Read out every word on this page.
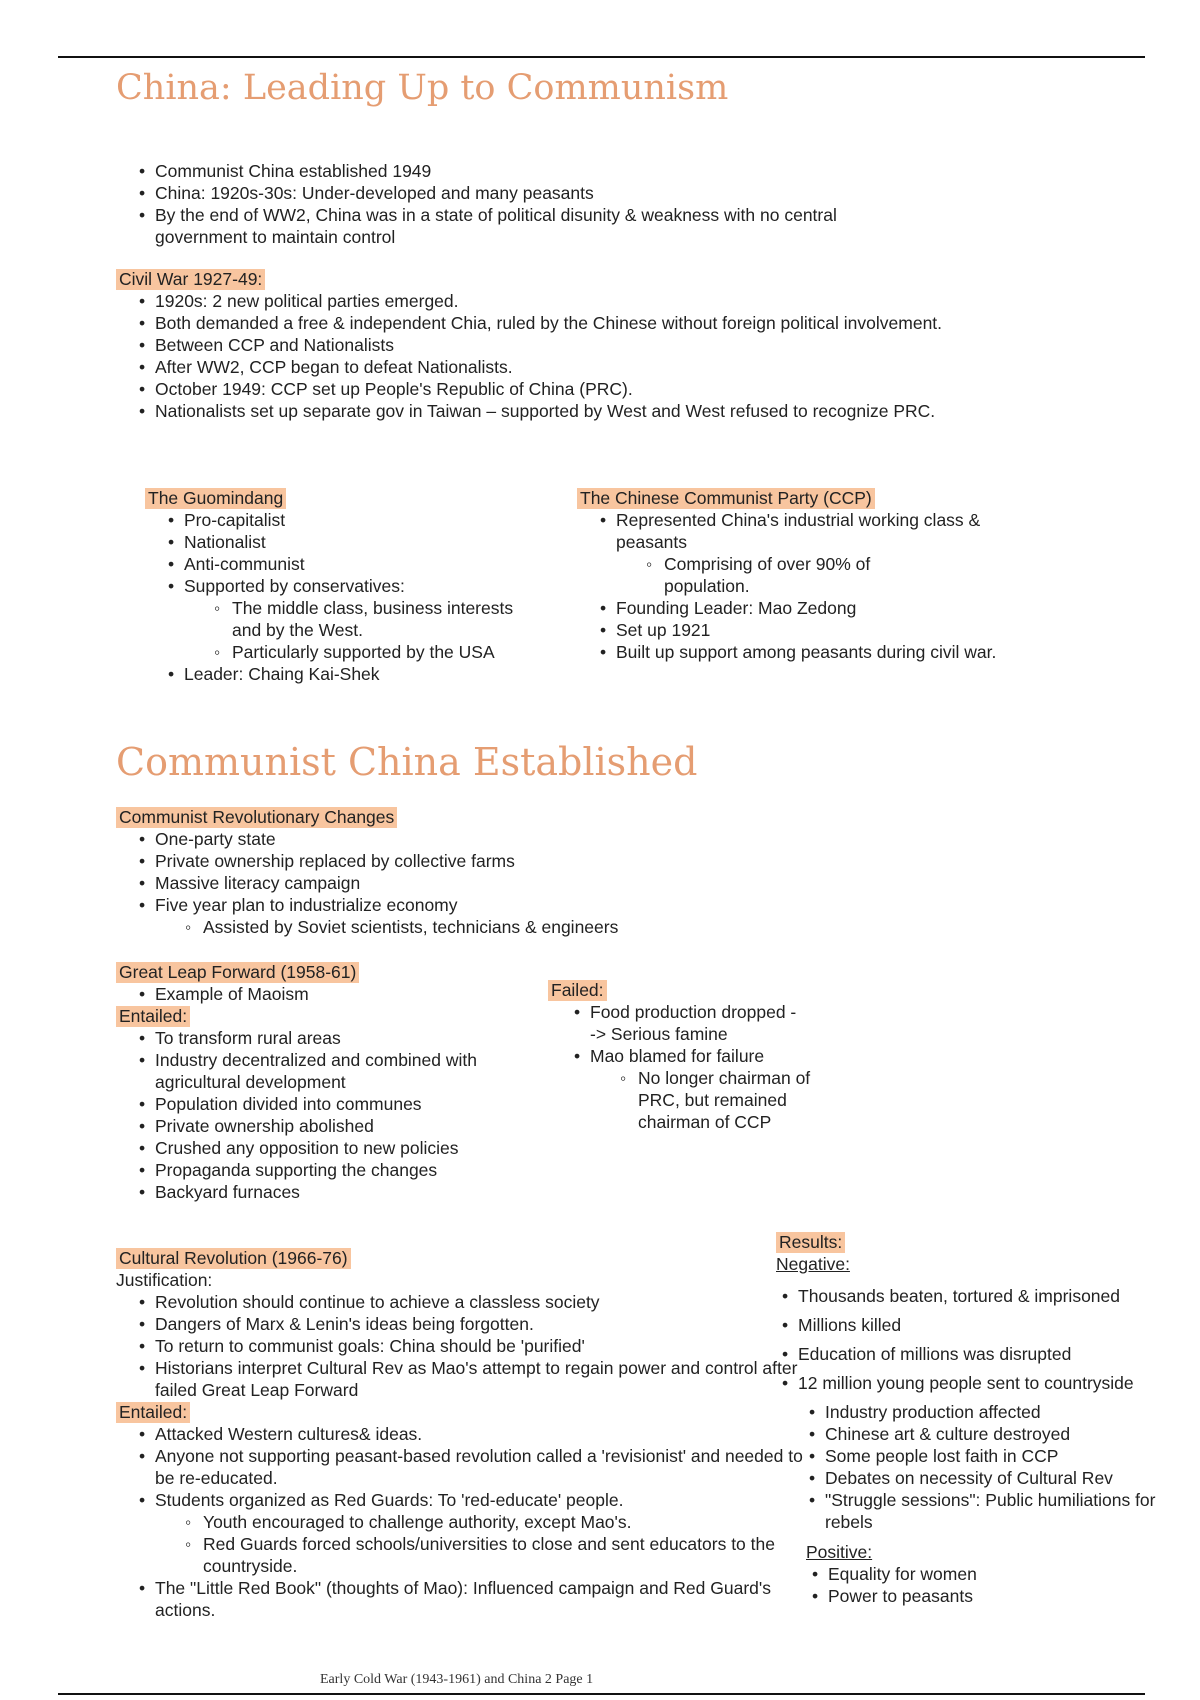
China: Leading Up to Communism
• Communist China established 1949
• China: 1920s-30s: Under-developed and many peasants
• By the end of WW2, China was in a state of political disunity & weakness with no central government to maintain control
Civil War 1927-49:
• 1920s: 2 new political parties emerged.
• Both demanded a free & independent Chia, ruled by the Chinese without foreign political involvement.
• Between CCP and Nationalists
• After WW2, CCP began to defeat Nationalists.
• October 1949: CCP set up People's Republic of China (PRC).
• Nationalists set up separate gov in Taiwan – supported by West and West refused to recognize PRC.
The Guomindang
• Pro-capitalist
• Nationalist
• Anti-communist
• Supported by conservatives:
◦ The middle class, business interests and by the West.
◦ Particularly supported by the USA
• Leader: Chaing Kai-Shek
The Chinese Communist Party (CCP)
• Represented China's industrial working class & peasants
◦ Comprising of over 90% of population.
• Founding Leader: Mao Zedong
• Set up 1921
• Built up support among peasants during civil war.
Communist China Established
Communist Revolutionary Changes
• One-party state
• Private ownership replaced by collective farms
• Massive literacy campaign
• Five year plan to industrialize economy
◦ Assisted by Soviet scientists, technicians & engineers
Great Leap Forward (1958-61)
• Example of Maoism
Entailed:
• To transform rural areas
• Industry decentralized and combined with agricultural development
• Population divided into communes
• Private ownership abolished
• Crushed any opposition to new policies
• Propaganda supporting the changes
• Backyard furnaces
Failed:
• Food production dropped --> Serious famine
• Mao blamed for failure
◦ No longer chairman of PRC, but remained chairman of CCP
Cultural Revolution (1966-76)
Justification:
• Revolution should continue to achieve a classless society
• Dangers of Marx & Lenin's ideas being forgotten.
• To return to communist goals: China should be 'purified'
• Historians interpret Cultural Rev as Mao's attempt to regain power and control after failed Great Leap Forward
Entailed:
• Attacked Western cultures& ideas.
• Anyone not supporting peasant-based revolution called a 'revisionist' and needed to be re-educated.
• Students organized as Red Guards: To 'red-educate' people.
◦ Youth encouraged to challenge authority, except Mao's.
◦ Red Guards forced schools/universities to close and sent educators to the countryside.
• The "Little Red Book" (thoughts of Mao): Influenced campaign and Red Guard's actions.
Results:
Negative:
• Thousands beaten, tortured & imprisoned
• Millions killed
• Education of millions was disrupted
• 12 million young people sent to countryside
• Industry production affected
• Chinese art & culture destroyed
• Some people lost faith in CCP
• Debates on necessity of Cultural Rev
• "Struggle sessions": Public humiliations for rebels
Positive:
• Equality for women
• Power to peasants
Early Cold War (1943-1961) and China 2 Page 1
